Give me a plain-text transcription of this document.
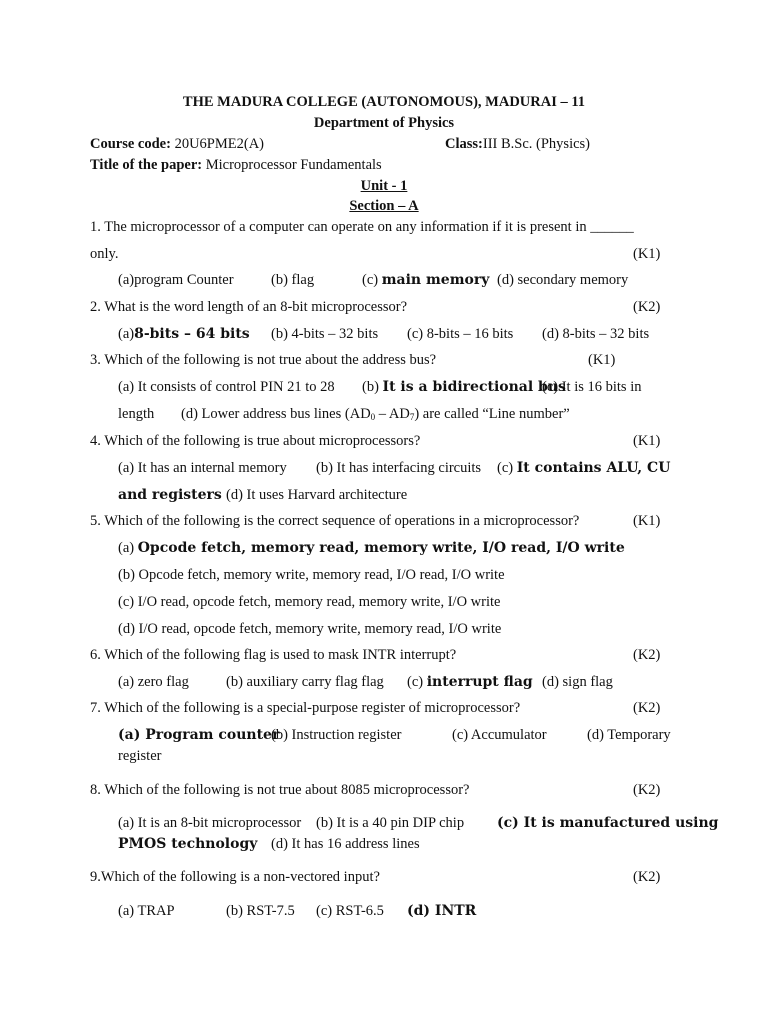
THE MADURA COLLEGE (AUTONOMOUS), MADURAI – 11
Department of Physics
Course code: 20U6PME2(A)	Class:III B.Sc. (Physics)
Title of the paper: Microprocessor Fundamentals
Unit - 1
Section – A
1. The microprocessor of a computer can operate on any information if it is present in ______
only.	(K1)
(a)program Counter	(b) flag	(c) main memory (d) secondary memory
2. What is the word length of an 8-bit microprocessor?	(K2)
(a)8-bits – 64 bits (b) 4-bits – 32 bits (c) 8-bits – 16 bits (d) 8-bits – 32 bits
3. Which of the following is not true about the address bus?	(K1)
(a) It consists of control PIN 21 to 28 (b) It is a bidirectional bus
(c) It is 16 bits in
length (d) Lower address bus lines $(AD_0 - AD_7)$ are called “Line number”
4. Which of the following is true about microprocessors?	(K1)
(a) It has an internal memory (b) It has interfacing circuits (c) It contains ALU, CU
and registers (d) It uses Harvard architecture
5. Which of the following is the correct sequence of operations in a microprocessor?	(K1)
(a) Opcode fetch, memory read, memory write, I/O read, I/O write
(b) Opcode fetch, memory write, memory read, I/O read, I/O write
(c) I/O read, opcode fetch, memory read, memory write, I/O write
(d) I/O read, opcode fetch, memory write, memory read, I/O write
6. Which of the following flag is used to mask INTR interrupt?	(K2)
(a) zero flag	(b) auxiliary carry flag flag (c) interrupt flag (d) sign flag
7. Which of the following is a special-purpose register of microprocessor?	(K2)
(a) Program counter
(b) Instruction register	(c) Accumulator	(d) Temporary
register
8. Which of the following is not true about 8085 microprocessor?	(K2)
(a) It is an 8-bit microprocessor (b) It is a 40 pin DIP chip (c) It is manufactured using
PMOS technology (d) It has 16 address lines
9.Which of the following is a non-vectored input?	(K2)
(a) TRAP	(b) RST-7.5 (c) RST-6.5 (d) INTR
